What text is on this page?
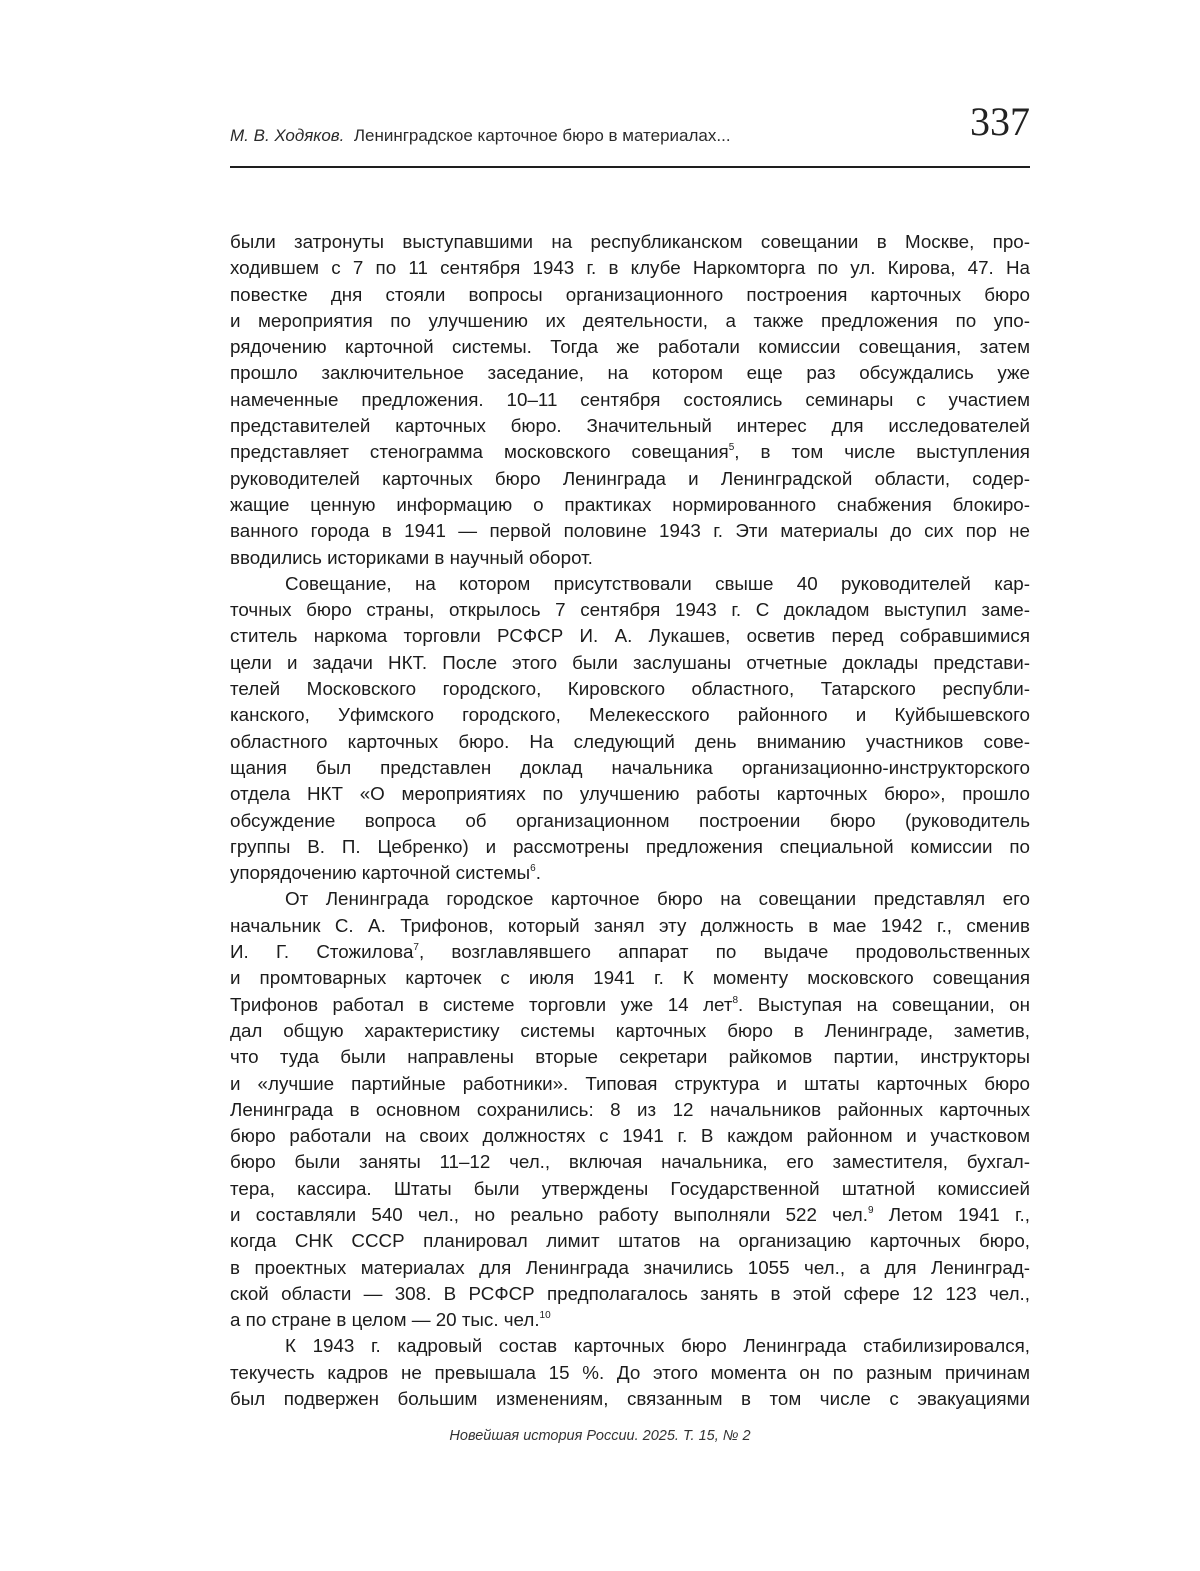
М. В. Ходяков. Ленинградское карточное бюро в материалах...	337
были затронуты выступавшими на республиканском совещании в Москве, про-
ходившем с 7 по 11 сентября 1943 г. в клубе Наркомторга по ул. Кирова, 47. На
повестке дня стояли вопросы организационного построения карточных бюро
и мероприятия по улучшению их деятельности, а также предложения по упо-
рядочению карточной системы. Тогда же работали комиссии совещания, затем
прошло заключительное заседание, на котором еще раз обсуждались уже
намеченные предложения. 10–11 сентября состоялись семинары с участием
представителей карточных бюро. Значительный интерес для исследователей
представляет стенограмма московского совещания$^5$, в том числе выступления
руководителей карточных бюро Ленинграда и Ленинградской области, содер-
жащие ценную информацию о практиках нормированного снабжения блокиро-
ванного города в 1941 — первой половине 1943 г. Эти материалы до сих пор не
вводились историками в научный оборот.
Совещание, на котором присутствовали свыше 40 руководителей кар-
точных бюро страны, открылось 7 сентября 1943 г. С докладом выступил заме-
ститель наркома торговли РСФСР И. А. Лукашев, осветив перед собравшимися
цели и задачи НКТ. После этого были заслушаны отчетные доклады представи-
телей Московского городского, Кировского областного, Татарского республи-
канского, Уфимского городского, Мелекесского районного и Куйбышевского
областного карточных бюро. На следующий день вниманию участников сове-
щания был представлен доклад начальника организационно-инструкторского
отдела НКТ «О мероприятиях по улучшению работы карточных бюро», прошло
обсуждение вопроса об организационном построении бюро (руководитель
группы В. П. Цебренко) и рассмотрены предложения специальной комиссии по
упорядочению карточной системы$^6$.
От Ленинграда городское карточное бюро на совещании представлял его
начальник С. А. Трифонов, который занял эту должность в мае 1942 г., сменив
И. Г. Стожилова$^7$, возглавлявшего аппарат по выдаче продовольственных
и промтоварных карточек с июля 1941 г. К моменту московского совещания
Трифонов работал в системе торговли уже 14 лет$^8$. Выступая на совещании, он
дал общую характеристику системы карточных бюро в Ленинграде, заметив,
что туда были направлены вторые секретари райкомов партии, инструкторы
и «лучшие партийные работники». Типовая структура и штаты карточных бюро
Ленинграда в основном сохранились: 8 из 12 начальников районных карточных
бюро работали на своих должностях с 1941 г. В каждом районном и участковом
бюро были заняты 11–12 чел., включая начальника, его заместителя, бухгал-
тера, кассира. Штаты были утверждены Государственной штатной комиссией
и составляли 540 чел., но реально работу выполняли 522 чел.$^9$ Летом 1941 г.,
когда СНК СССР планировал лимит штатов на организацию карточных бюро,
в проектных материалах для Ленинграда значились 1055 чел., а для Ленинград-
ской области — 308. В РСФСР предполагалось занять в этой сфере 12 123 чел.,
а по стране в целом — 20 тыс. чел.$^{10}$
К 1943 г. кадровый состав карточных бюро Ленинграда стабилизировался,
текучесть кадров не превышала 15 %. До этого момента он по разным причинам
был подвержен большим изменениям, связанным в том числе с эвакуациями
Новейшая история России. 2025. Т. 15, № 2
